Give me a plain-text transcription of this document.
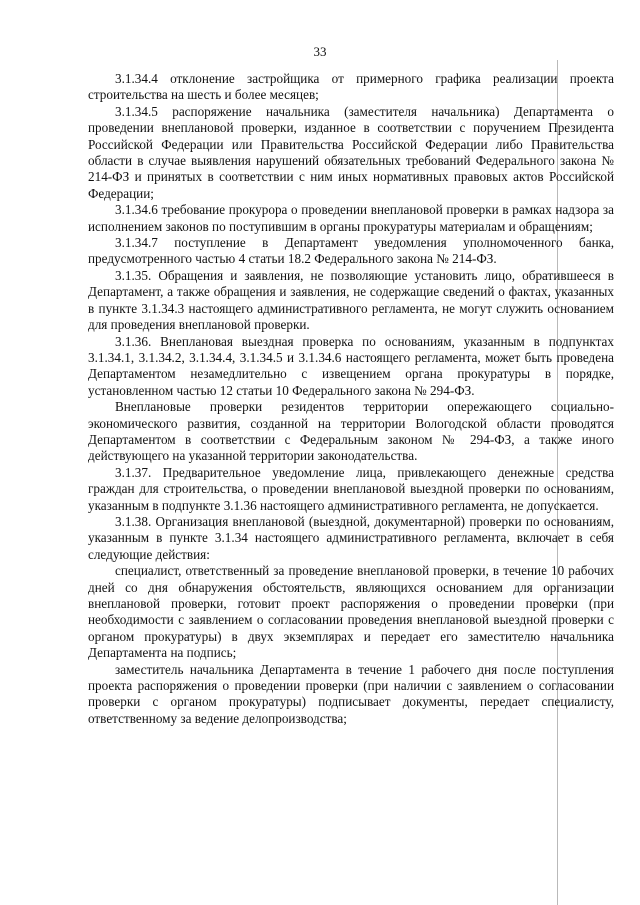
33

3.1.34.4 отклонение застройщика от примерного графика реализации проекта строительства на шесть и более месяцев;

3.1.34.5 распоряжение начальника (заместителя начальника) Департамента о проведении внеплановой проверки, изданное в соответствии с поручением Президента Российской Федерации или Правительства Российской Федерации либо Правительства области в случае выявления нарушений обязательных требований Федерального закона № 214-ФЗ и принятых в соответствии с ним иных нормативных правовых актов Российской Федерации;

3.1.34.6 требование прокурора о проведении внеплановой проверки в рамках надзора за исполнением законов по поступившим в органы прокуратуры материалам и обращениям;

3.1.34.7 поступление в Департамент уведомления уполномоченного банка, предусмотренного частью 4 статьи 18.2 Федерального закона № 214-ФЗ.

3.1.35. Обращения и заявления, не позволяющие установить лицо, обратившееся в Департамент, а также обращения и заявления, не содержащие сведений о фактах, указанных в пункте 3.1.34.3 настоящего административного регламента, не могут служить основанием для проведения внеплановой проверки.

3.1.36. Внеплановая выездная проверка по основаниям, указанным в подпунктах 3.1.34.1, 3.1.34.2, 3.1.34.4, 3.1.34.5 и 3.1.34.6 настоящего регламента, может быть проведена Департаментом незамедлительно с извещением органа прокуратуры в порядке, установленном частью 12 статьи 10 Федерального закона № 294-ФЗ.

Внеплановые проверки резидентов территории опережающего социально-экономического развития, созданной на территории Вологодской области проводятся Департаментом в соответствии с Федеральным законом № 294-ФЗ, а также иного действующего на указанной территории законодательства.

3.1.37. Предварительное уведомление лица, привлекающего денежные средства граждан для строительства, о проведении внеплановой выездной проверки по основаниям, указанным в подпункте 3.1.36 настоящего административного регламента, не допускается.

3.1.38. Организация внеплановой (выездной, документарной) проверки по основаниям, указанным в пункте 3.1.34 настоящего административного регламента, включает в себя следующие действия:

специалист, ответственный за проведение внеплановой проверки, в течение 10 рабочих дней со дня обнаружения обстоятельств, являющихся основанием для организации внеплановой проверки, готовит проект распоряжения о проведении проверки (при необходимости с заявлением о согласовании проведения внеплановой выездной проверки с органом прокуратуры) в двух экземплярах и передает его заместителю начальника Департамента на подпись;

заместитель начальника Департамента в течение 1 рабочего дня после поступления проекта распоряжения о проведении проверки (при наличии с заявлением о согласовании проверки с органом прокуратуры) подписывает документы, передает специалисту, ответственному за ведение делопроизводства;
